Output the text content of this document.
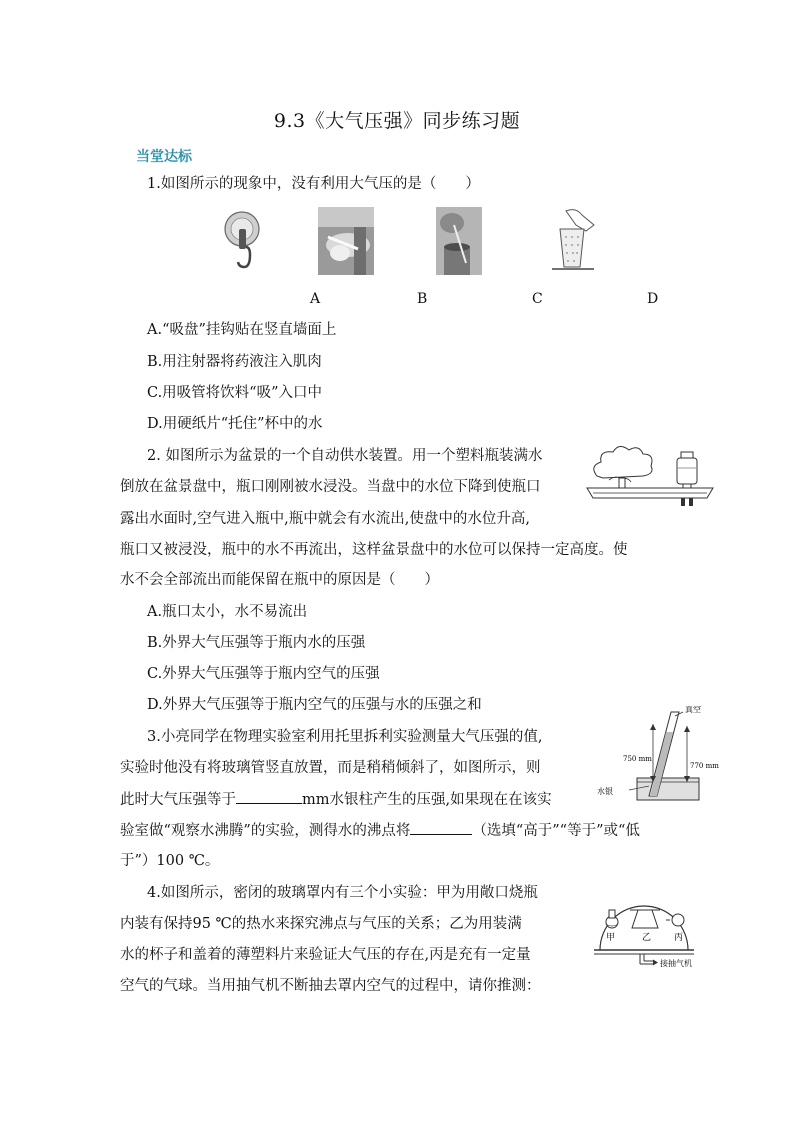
9.3《大气压强》同步练习题
当堂达标
1.如图所示的现象中，没有利用大气压的是（　　）
A	B	C	D
A.“吸盘”挂钩贴在竖直墙面上
B.用注射器将药液注入肌肉
C.用吸管将饮料“吸”入口中
D.用硬纸片“托住”杯中的水
2. 如图所示为盆景的一个自动供水装置。用一个塑料瓶装满水
倒放在盆景盘中，瓶口刚刚被水浸没。当盘中的水位下降到使瓶口
露出水面时,空气进入瓶中,瓶中就会有水流出,使盘中的水位升高,
瓶口又被浸没，瓶中的水不再流出，这样盆景盘中的水位可以保持一定高度。使
水不会全部流出而能保留在瓶中的原因是（　　）
A.瓶口太小，水不易流出
B.外界大气压强等于瓶内水的压强
C.外界大气压强等于瓶内空气的压强
D.外界大气压强等于瓶内空气的压强与水的压强之和
3.小亮同学在物理实验室利用托里拆利实验测量大气压强的值,
实验时他没有将玻璃管竖直放置，而是稍稍倾斜了，如图所示，则
此时大气压强等于	mm水银柱产生的压强,如果现在在该实
验室做“观察水沸腾”的实验，测得水的沸点将	（选填“高于”“等于”或“低
于”）100 ℃。
真空
750 mm
770 mm
水银
4.如图所示，密闭的玻璃罩内有三个小实验：甲为用敞口烧瓶
内装有保持95 ℃的热水来探究沸点与气压的关系；乙为用装满
水的杯子和盖着的薄塑料片来验证大气压的存在,丙是充有一定量
空气的气球。当用抽气机不断抽去罩内空气的过程中，请你推测：
甲	乙	丙
接抽气机
